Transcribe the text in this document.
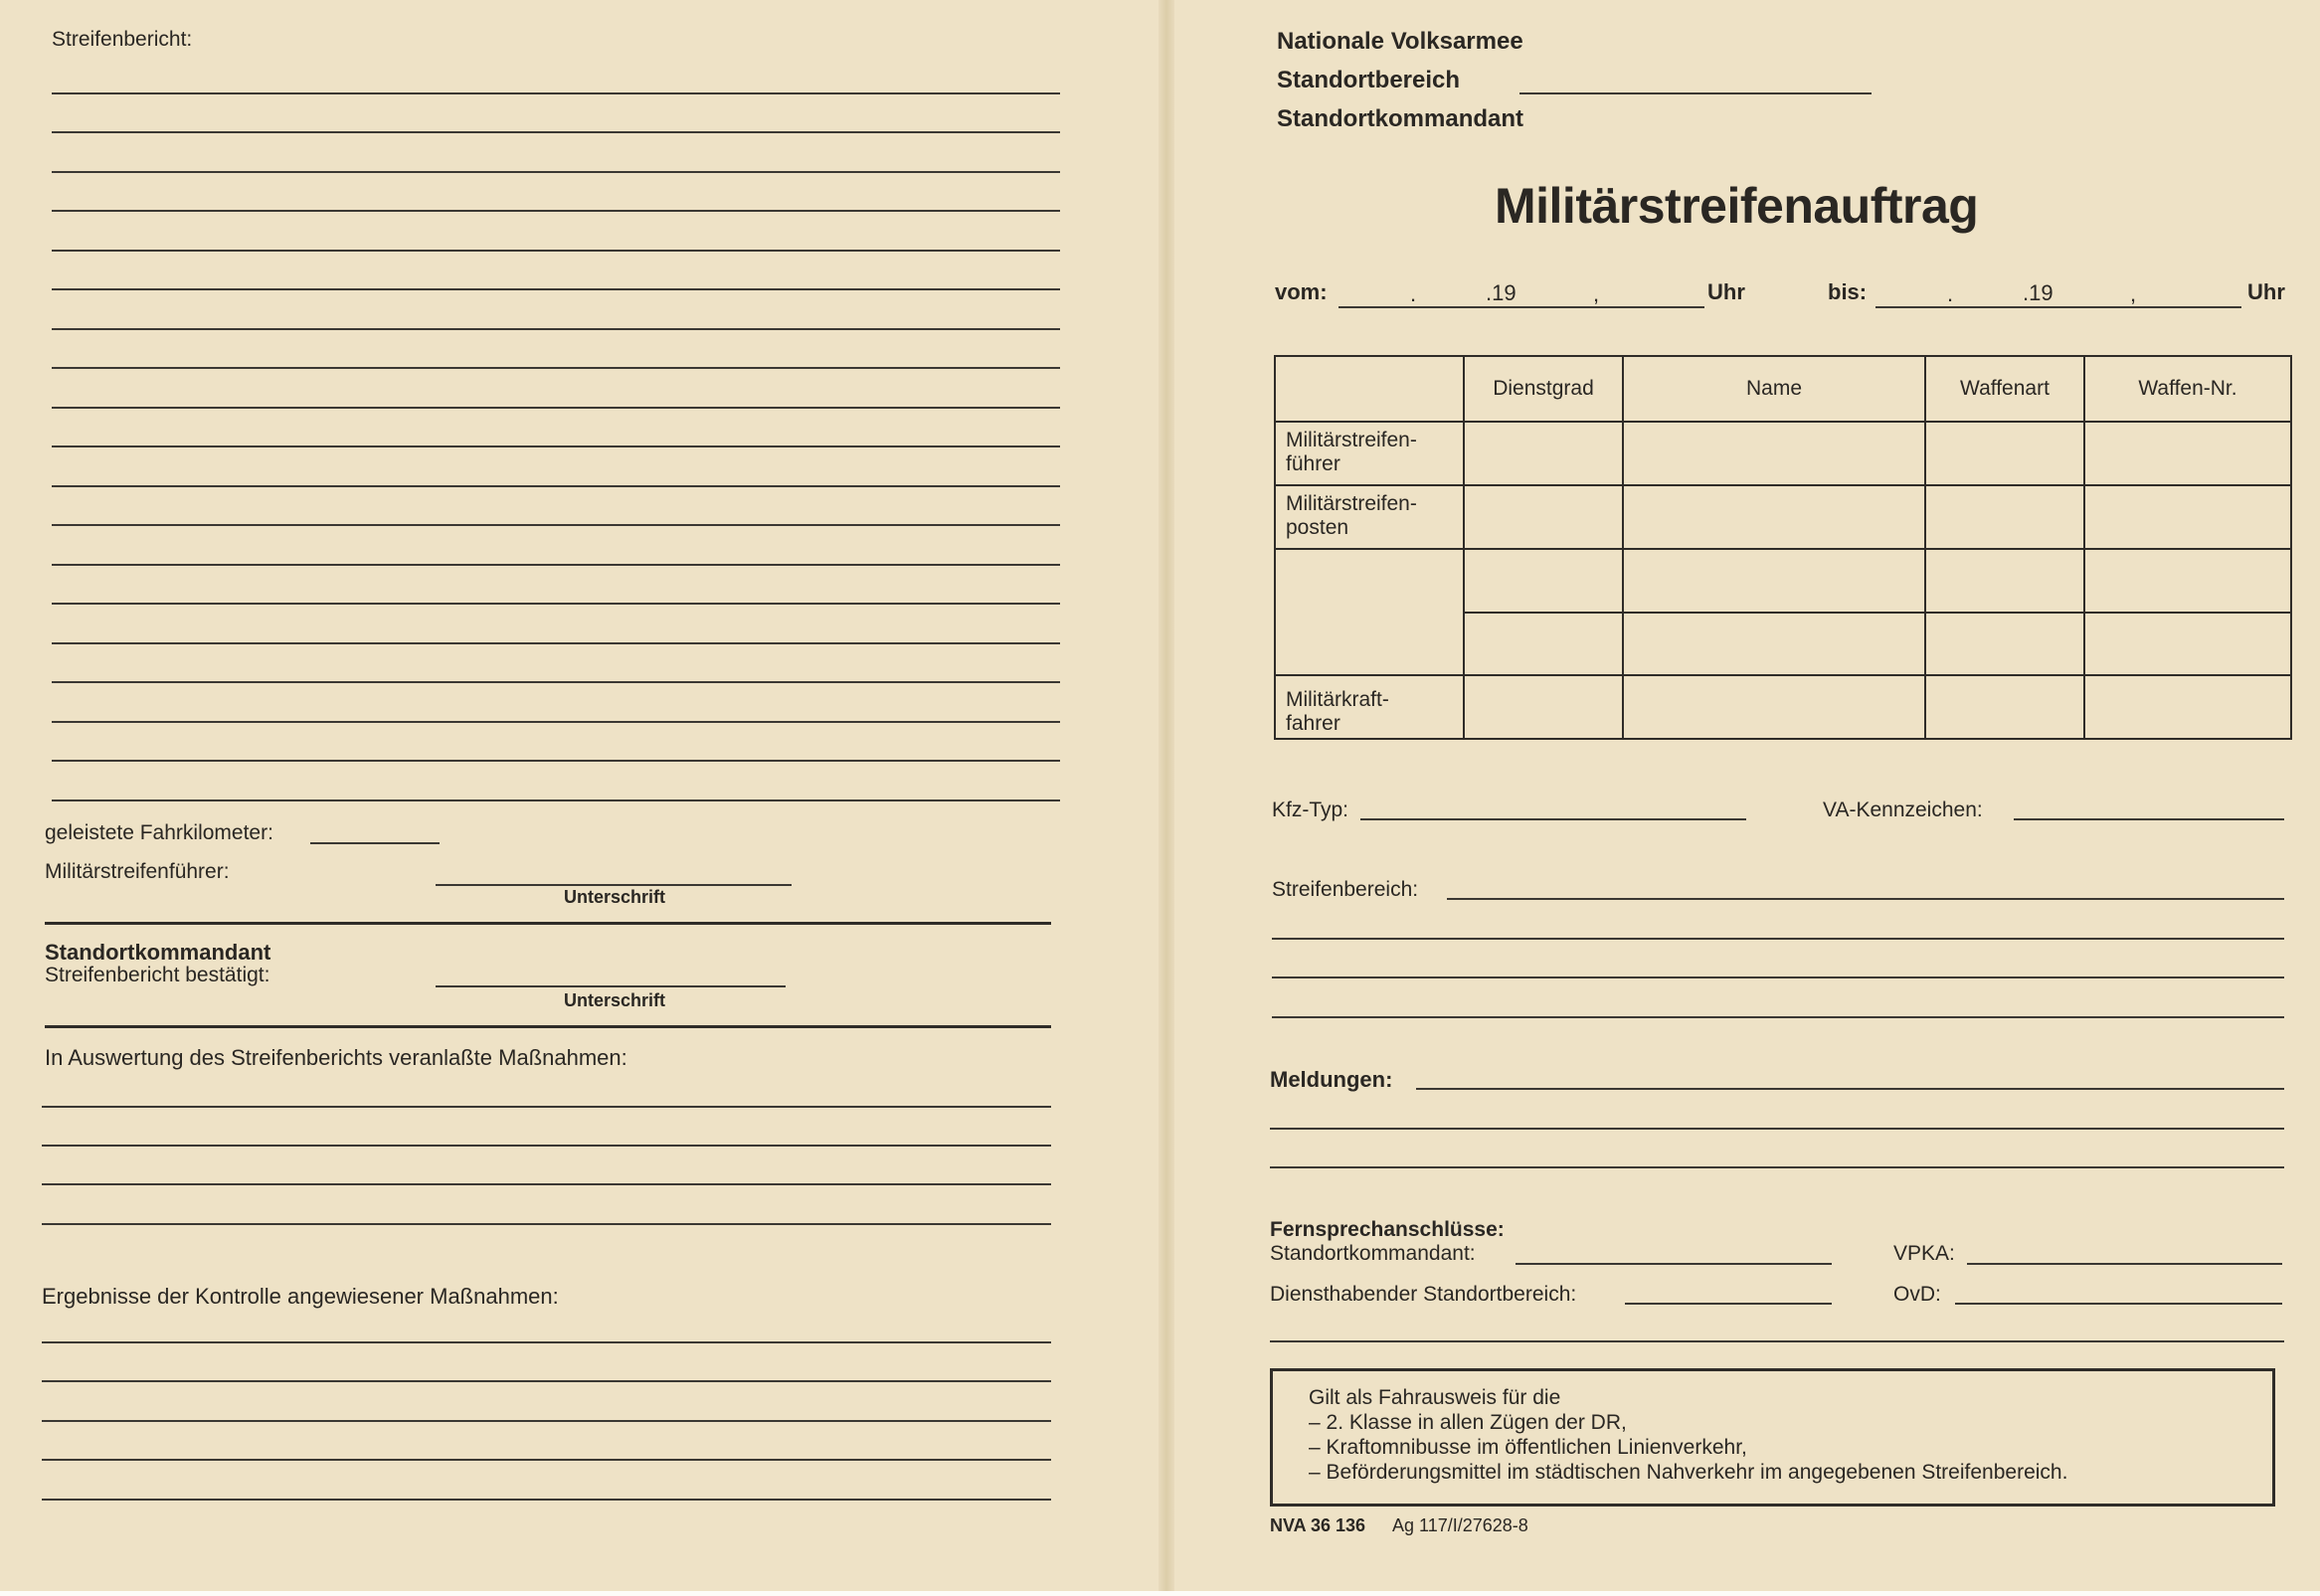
Streifenbericht:
geleistete Fahrkilometer:
Militärstreifenführer:
Unterschrift
Standortkommandant
Streifenbericht bestätigt:
Unterschrift
In Auswertung des Streifenberichts veranlaßte Maßnahmen:
Ergebnisse der Kontrolle angewiesener Maßnahmen:
Nationale Volksarmee
Standortbereich
Standortkommandant
Militärstreifenauftrag
vom:	.	.19	,	Uhr	bis:	.	.19	,	Uhr
	Dienstgrad	Name	Waffenart	Waffen-Nr.
Militärstreifen-
führer				
Militärstreifen-
posten				

Militärkraft-
fahrer				
Kfz-Typ:	VA-Kennzeichen:
Streifenbereich:
Meldungen:
Fernsprechanschlüsse:
Standortkommandant:	VPKA:
Diensthabender Standortbereich:	OvD:
Gilt als Fahrausweis für die
– 2. Klasse in allen Zügen der DR,
– Kraftomnibusse im öffentlichen Linienverkehr,
– Beförderungsmittel im städtischen Nahverkehr im angegebenen Streifenbereich.
NVA 36 136 Ag 117/I/27628-8
